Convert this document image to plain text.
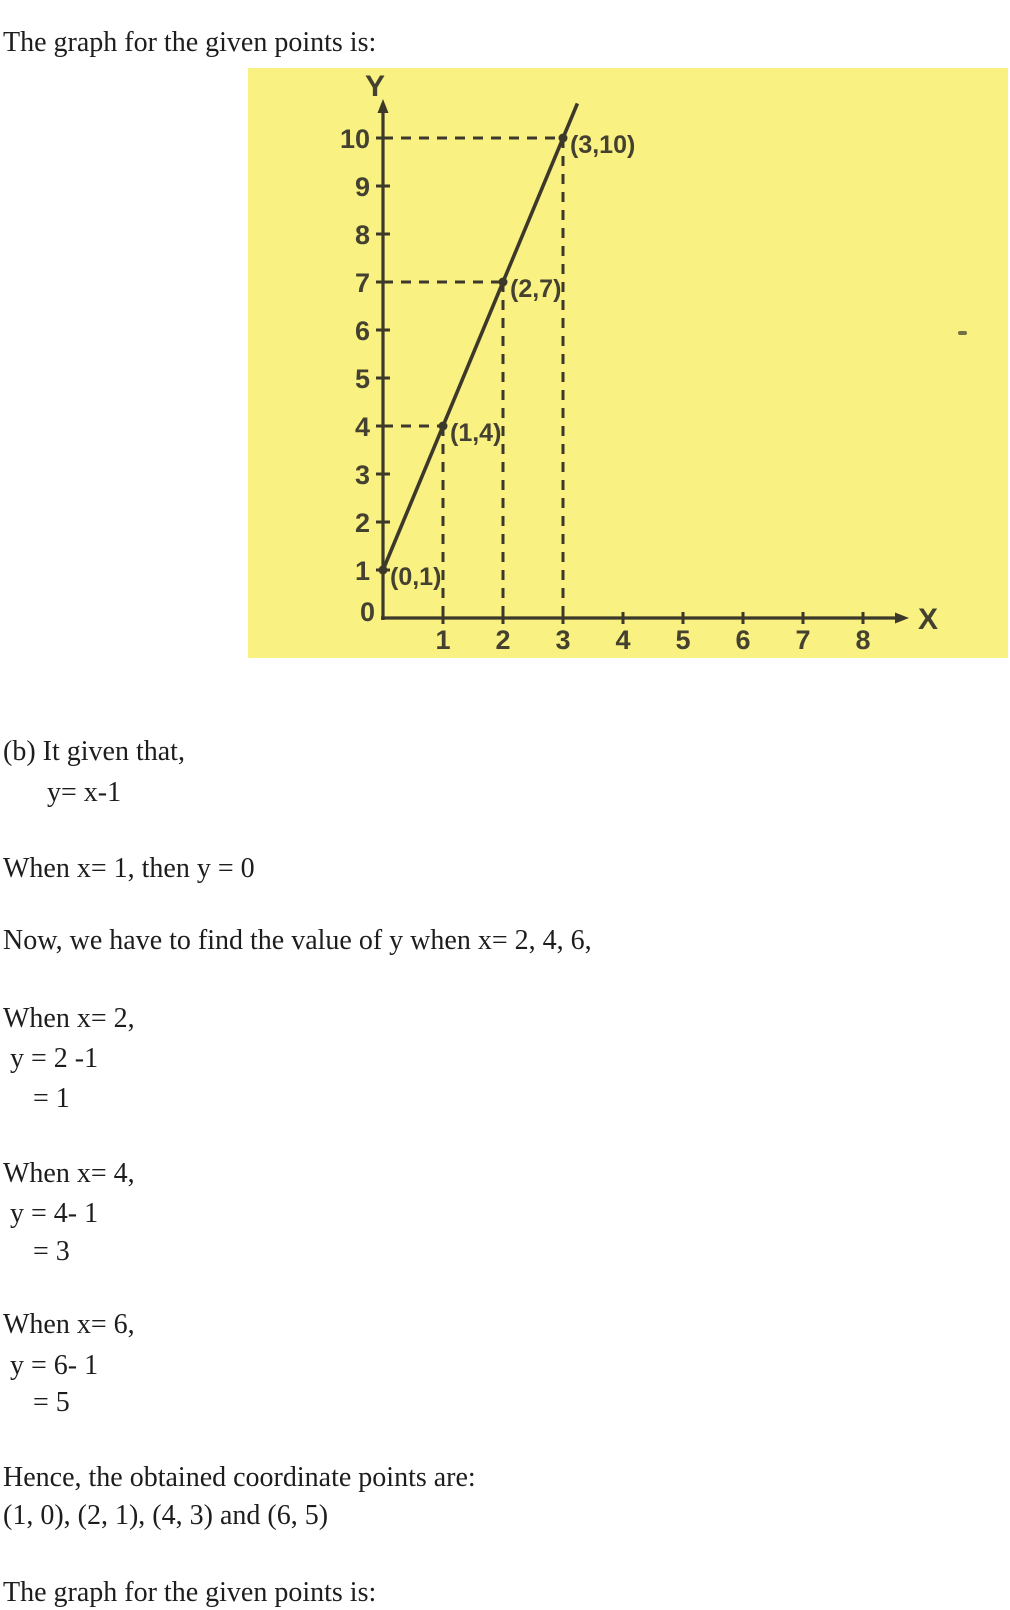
The graph for the given points is:

Y
X
0
1
2
3
4
5
6
7
8
9
10
1 2 3 4 5 6 7 8
(0,1)
(1,4)
(2,7)
(3,10)

(b) It given that,

y= x-1

When x= 1, then y = 0

Now, we have to find the value of y when x= 2, 4, 6,

When x= 2,

y = 2 -1

= 1

When x= 4,

y = 4- 1

= 3

When x= 6,

y = 6- 1

= 5

Hence, the obtained coordinate points are:

(1, 0), (2, 1), (4, 3) and (6, 5)

The graph for the given points is:
